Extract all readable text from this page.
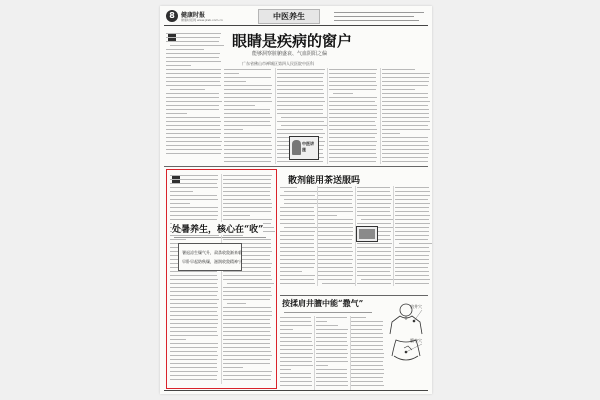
8	健康时报
健康时报网 www.jksb.com.cn	中医养生
眼睛是疾病的窗户
能够洞察脏腑盛衰、气血阴阳之偏
广东省佛山市禅城区第四人民医院中医科
中医讲座
处暑养生，核心在“收”
暑退凉生燥气升，肃杀收敛渐来临
早卧早起防秋燥，滋润收敛精神宁
散剂能用茶送服吗
按揉肩井膻中能“撒气”	肩井穴
膻中穴
